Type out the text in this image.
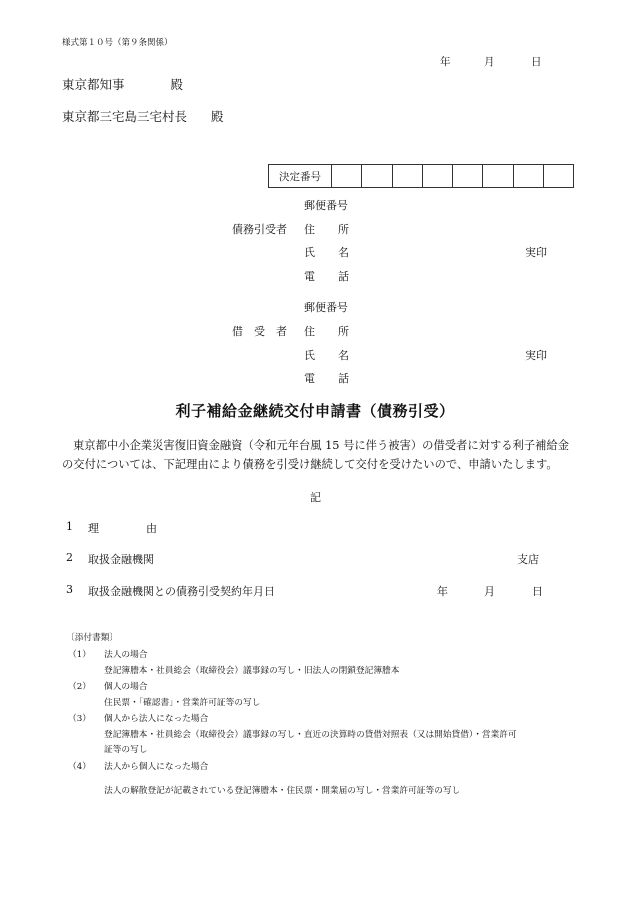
様式第１０号（第９条関係）
年	月	日
東京都知事	殿
東京都三宅島三宅村長 殿
決定番号								
郵便番号
債務引受者 住 所
氏 名	実印
電 話
郵便番号
借　受　者 住 所
氏 名	実印
電 話
利子補給金継続交付申請書（債務引受）
東京都中小企業災害復旧資金融資（令和元年台風 15 号に伴う被害）の借受者に対する利子補給金の交付については、下記理由により債務を引受け継続して交付を受けたいので、申請いたします。
記
1 理	由
2 取扱金融機関	支店
3 取扱金融機関との債務引受契約年月日	年	月	日
〔添付書類〕
（1） 法人の場合
登記簿謄本・社員総会（取締役会）議事録の写し・旧法人の閉鎖登記簿謄本
（2） 個人の場合
住民票・「確認書」・営業許可証等の写し
（3） 個人から法人になった場合
登記簿謄本・社員総会（取締役会）議事録の写し・直近の決算時の貸借対照表（又は開始貸借）・営業許可
証等の写し
（4） 法人から個人になった場合
法人の解散登記が記載されている登記簿謄本・住民票・開業届の写し・営業許可証等の写し
